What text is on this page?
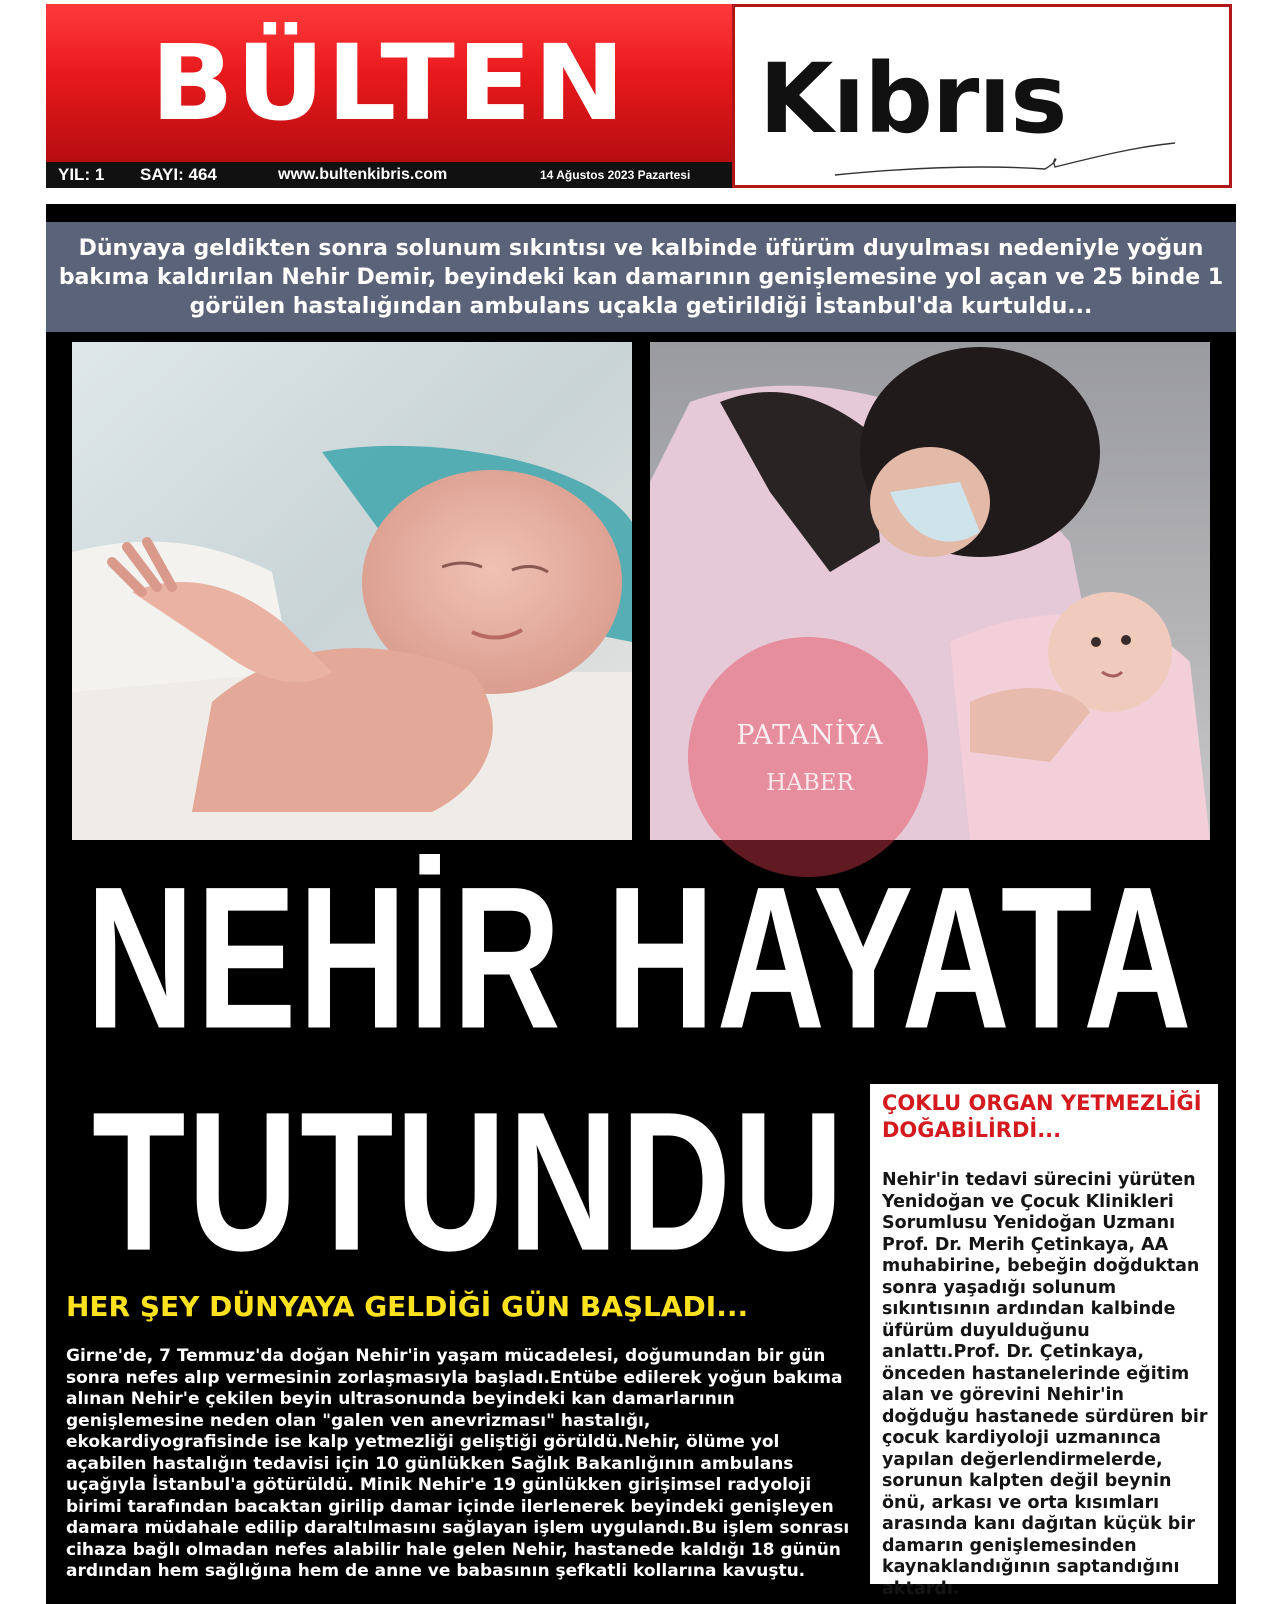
BÜLTEN Kıbrıs
YIL: 1	SAYI: 464	www.bultenkibris.com	14 Ağustos 2023 Pazartesi
Dünyaya geldikten sonra solunum sıkıntısı ve kalbinde üfürüm duyulması nedeniyle yoğun bakıma kaldırılan Nehir Demir, beyindeki kan damarının genişlemesine yol açan ve 25 binde 1 görülen hastalığından ambulans uçakla getirildiği İstanbul'da kurtuldu...
PATANİYA
HABER
NEHİR HAYATA
TUTUNDU
HER ŞEY DÜNYAYA GELDİĞİ GÜN BAŞLADI...
Girne'de, 7 Temmuz'da doğan Nehir'in yaşam mücadelesi, doğumundan bir gün sonra nefes alıp vermesinin zorlaşmasıyla başladı.Entübe edilerek yoğun bakıma alınan Nehir'e çekilen beyin ultrasonunda beyindeki kan damarlarının genişlemesine neden olan "galen ven anevrizması" hastalığı, ekokardiyografisinde ise kalp yetmezliği geliştiği görüldü.Nehir, ölüme yol açabilen hastalığın tedavisi için 10 günlükken Sağlık Bakanlığının ambulans uçağıyla İstanbul'a götürüldü. Minik Nehir'e 19 günlükken girişimsel radyoloji birimi tarafından bacaktan girilip damar içinde ilerlenerek beyindeki genişleyen damara müdahale edilip daraltılmasını sağlayan işlem uygulandı.Bu işlem sonrası cihaza bağlı olmadan nefes alabilir hale gelen Nehir, hastanede kaldığı 18 günün ardından hem sağlığına hem de anne ve babasının şefkatli kollarına kavuştu.
ÇOKLU ORGAN YETMEZLİĞİ DOĞABİLİRDİ...
Nehir'in tedavi sürecini yürüten Yenidoğan ve Çocuk Klinikleri Sorumlusu Yenidoğan Uzmanı Prof. Dr. Merih Çetinkaya, AA muhabirine, bebeğin doğduktan sonra yaşadığı solunum sıkıntısının ardından kalbinde üfürüm duyulduğunu anlattı.Prof. Dr. Çetinkaya, önceden hastanelerinde eğitim alan ve görevini Nehir'in doğduğu hastanede sürdüren bir çocuk kardiyoloji uzmanınca yapılan değerlendirmelerde, sorunun kalpten değil beynin önü, arkası ve orta kısımları arasında kanı dağıtan küçük bir damarın genişlemesinden kaynaklandığının saptandığını aktardı.
